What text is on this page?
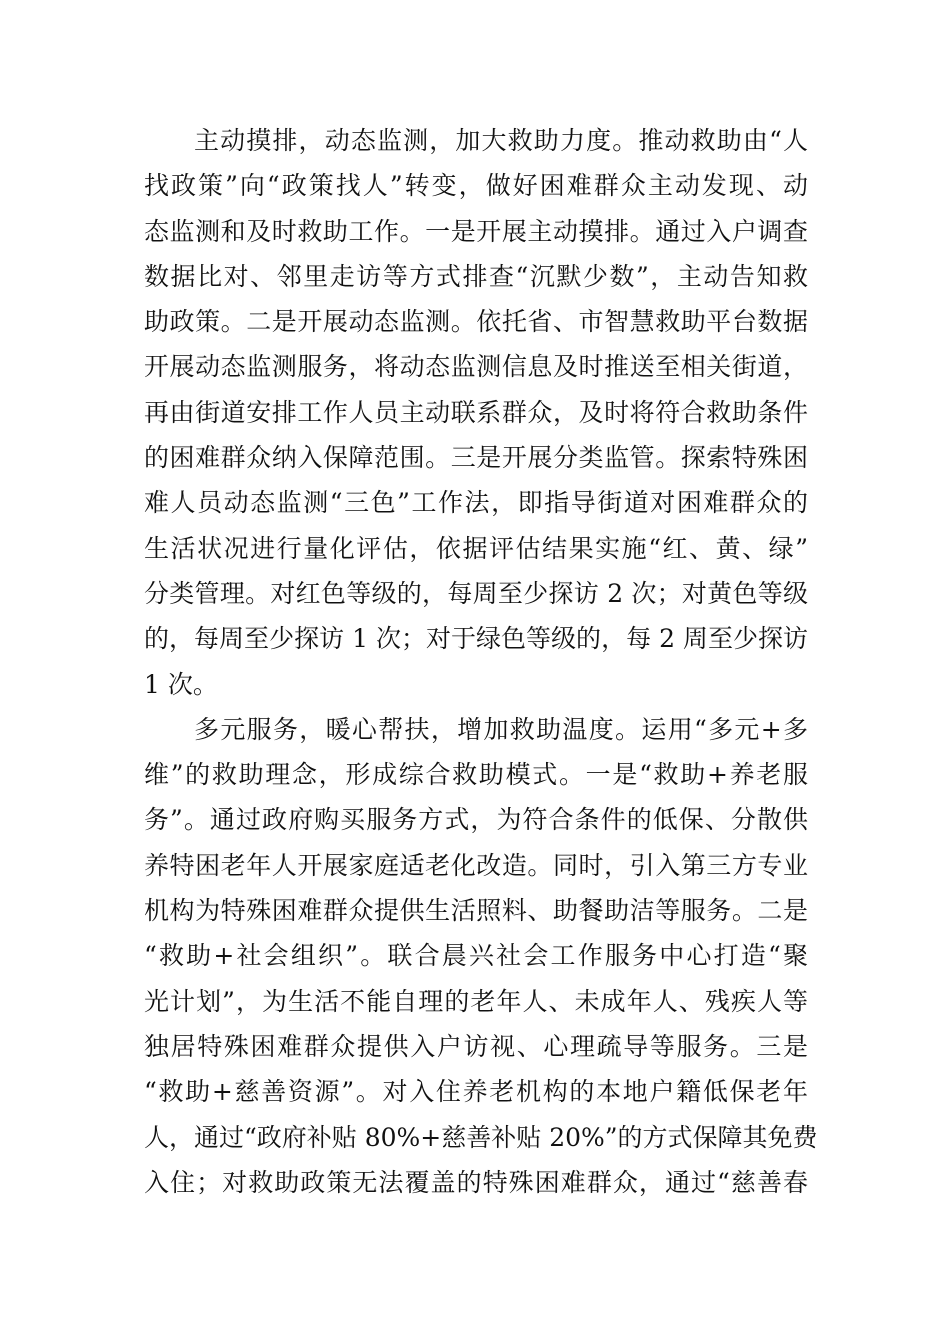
主动摸排，动态监测，加大救助力度。推动救助由“人
找政策”向“政策找人”转变，做好困难群众主动发现、动
态监测和及时救助工作。一是开展主动摸排。通过入户调查
数据比对、邻里走访等方式排查“沉默少数”，主动告知救
助政策。二是开展动态监测。依托省、市智慧救助平台数据
开展动态监测服务，将动态监测信息及时推送至相关街道，
再由街道安排工作人员主动联系群众，及时将符合救助条件
的困难群众纳入保障范围。三是开展分类监管。探索特殊困
难人员动态监测“三色”工作法，即指导街道对困难群众的
生活状况进行量化评估，依据评估结果实施“红、黄、绿”
分类管理。对红色等级的，每周至少探访 2 次；对黄色等级
的，每周至少探访 1 次；对于绿色等级的，每 2 周至少探访
1 次。

多元服务，暖心帮扶，增加救助温度。运用“多元+多
维”的救助理念，形成综合救助模式。一是“救助+养老服
务”。通过政府购买服务方式，为符合条件的低保、分散供
养特困老年人开展家庭适老化改造。同时，引入第三方专业
机构为特殊困难群众提供生活照料、助餐助洁等服务。二是
“救助+社会组织”。联合晨兴社会工作服务中心打造“聚
光计划”，为生活不能自理的老年人、未成年人、残疾人等
独居特殊困难群众提供入户访视、心理疏导等服务。三是
“救助+慈善资源”。对入住养老机构的本地户籍低保老年
人，通过“政府补贴 80%+慈善补贴 20%”的方式保障其免费
入住；对救助政策无法覆盖的特殊困难群众，通过“慈善春
